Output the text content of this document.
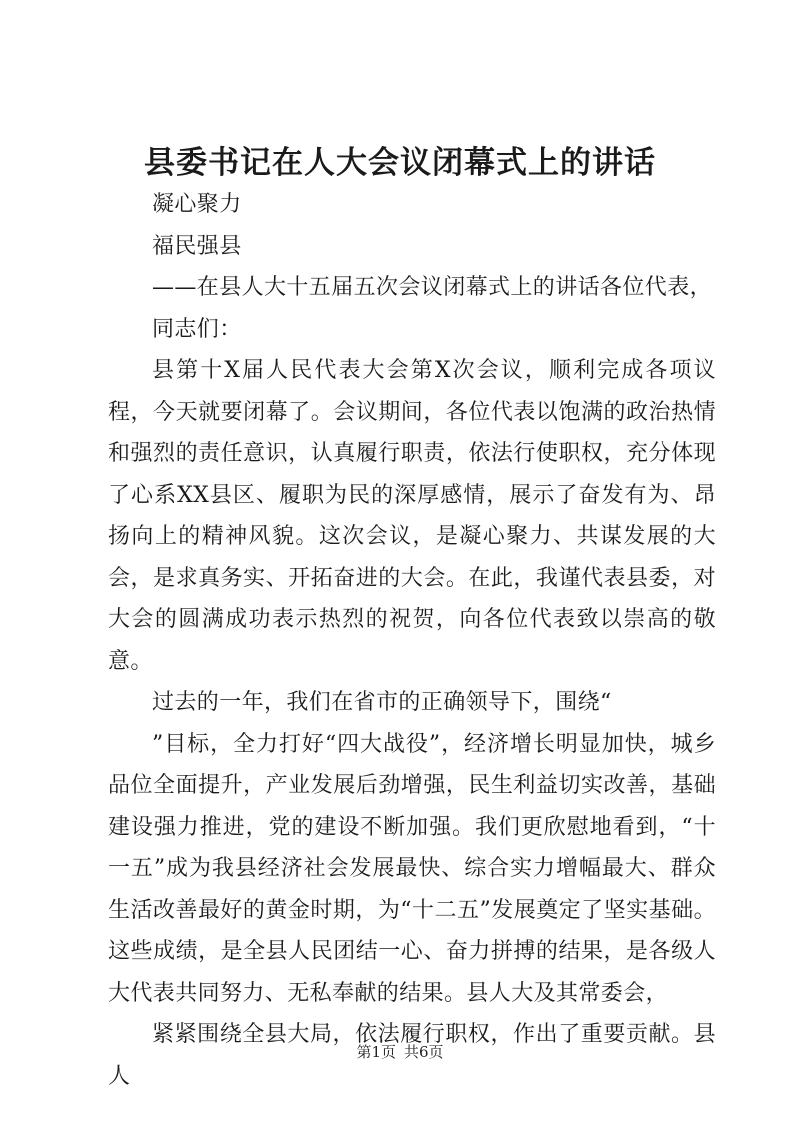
县委书记在人大会议闭幕式上的讲话

凝心聚力

福民强县

——在县人大十五届五次会议闭幕式上的讲话各位代表，

同志们：

县第十X届人民代表大会第X次会议，顺利完成各项议程，今天就要闭幕了。会议期间，各位代表以饱满的政治热情和强烈的责任意识，认真履行职责，依法行使职权，充分体现了心系XX县区、履职为民的深厚感情，展示了奋发有为、昂扬向上的精神风貌。这次会议，是凝心聚力、共谋发展的大会，是求真务实、开拓奋进的大会。在此，我谨代表县委，对大会的圆满成功表示热烈的祝贺，向各位代表致以崇高的敬意。

过去的一年，我们在省市的正确领导下，围绕“

”目标，全力打好“四大战役”，经济增长明显加快，城乡品位全面提升，产业发展后劲增强，民生利益切实改善，基础建设强力推进，党的建设不断加强。我们更欣慰地看到，“十一五”成为我县经济社会发展最快、综合实力增幅最大、群众生活改善最好的黄金时期，为“十二五”发展奠定了坚实基础。这些成绩，是全县人民团结一心、奋力拼搏的结果，是各级人大代表共同努力、无私奉献的结果。县人大及其常委会，

紧紧围绕全县大局，依法履行职权，作出了重要贡献。县人

第1页 共6页
